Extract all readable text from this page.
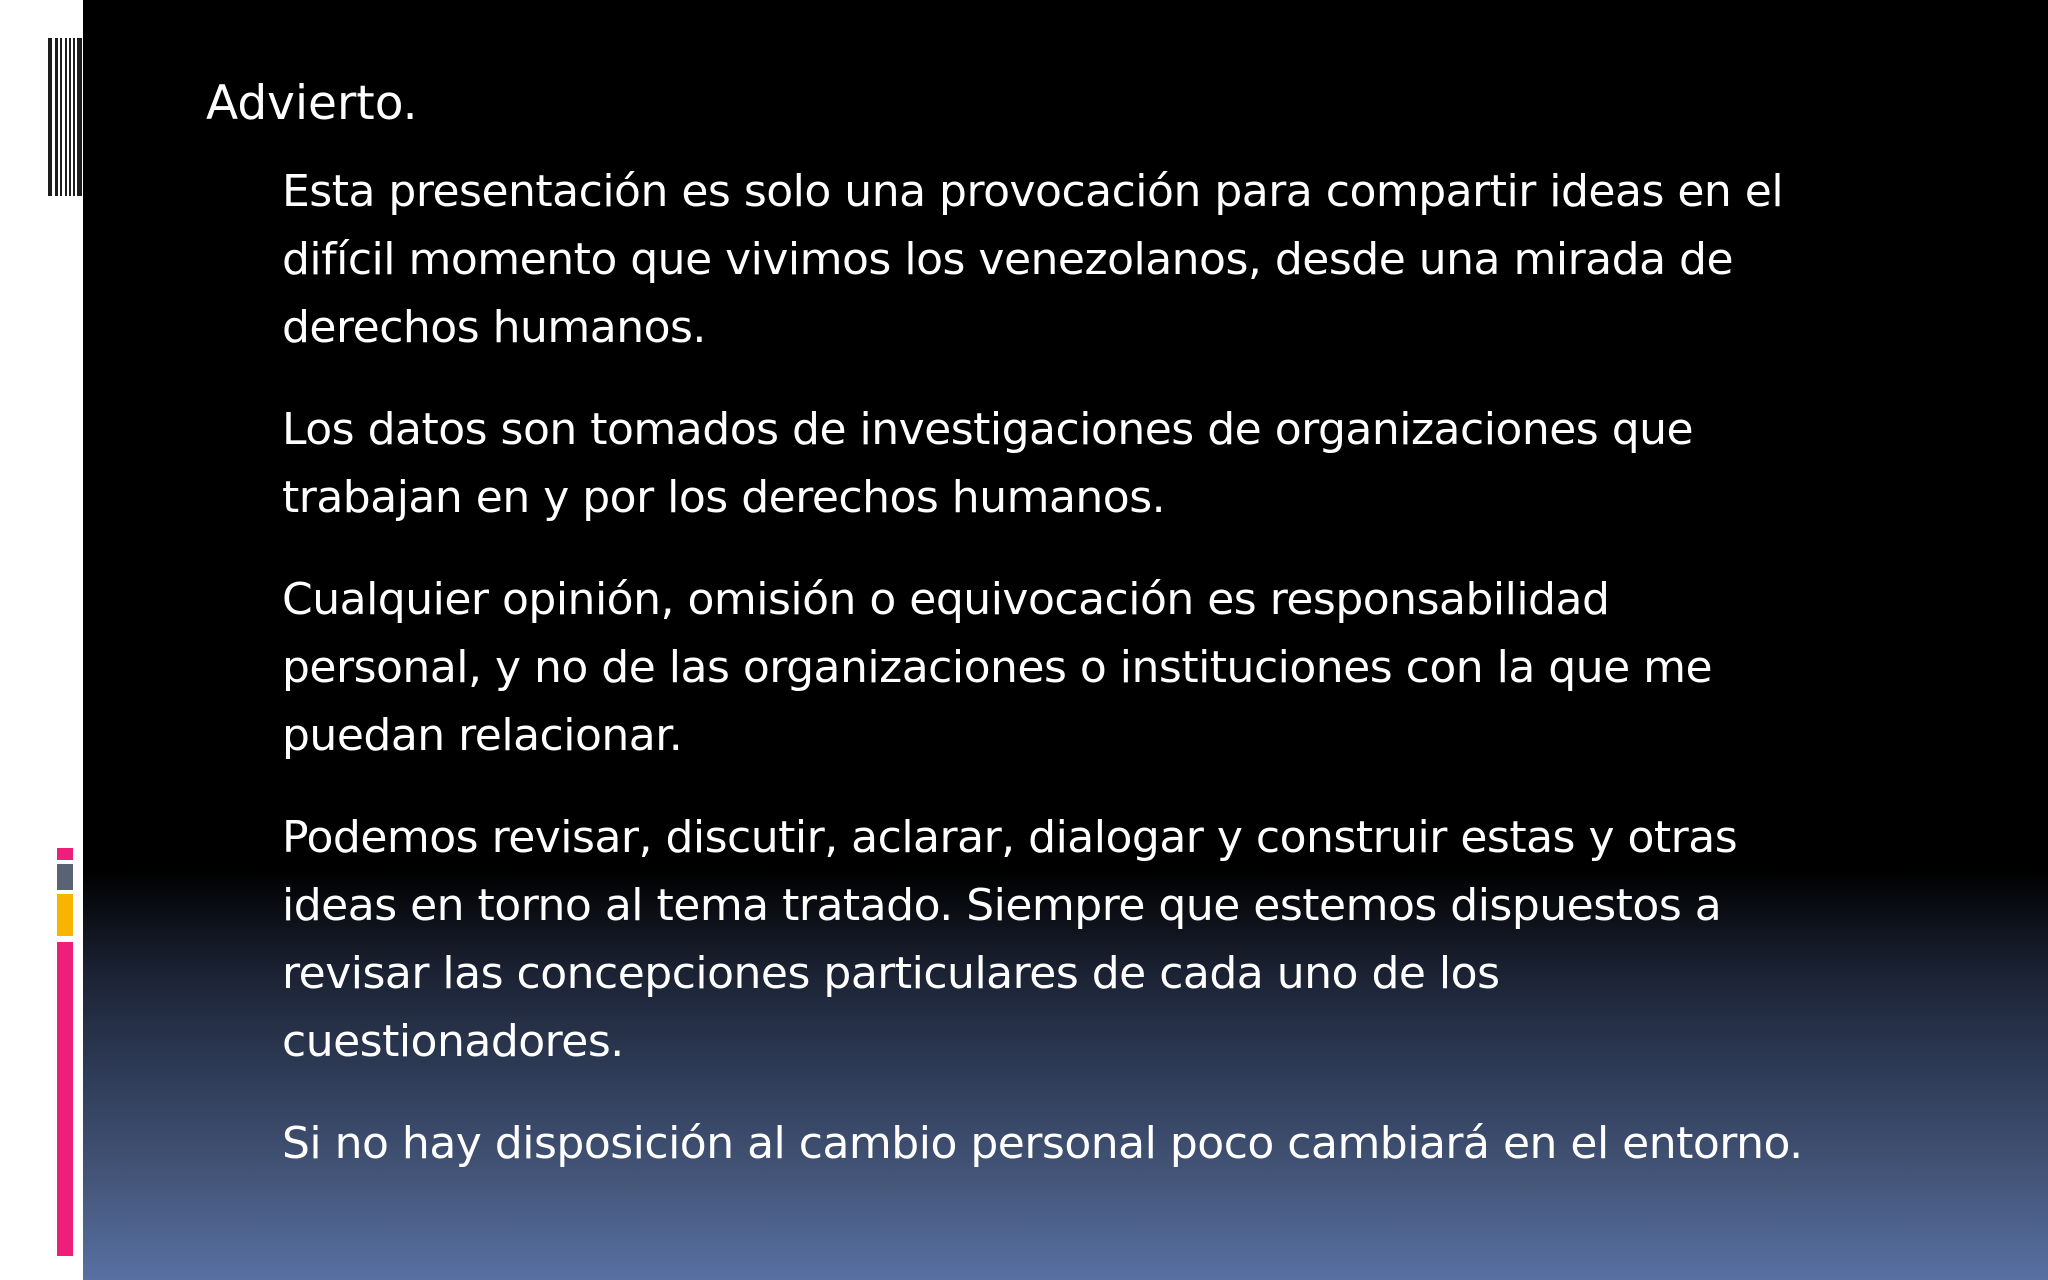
Advierto.
Esta presentación es solo una provocación para compartir ideas en el
difícil momento que vivimos los venezolanos, desde una mirada de
derechos humanos.
Los datos son tomados de investigaciones de organizaciones que
trabajan en y por los derechos humanos.
Cualquier opinión, omisión o equivocación es responsabilidad
personal, y no de las organizaciones o instituciones con la que me
puedan relacionar.
Podemos revisar, discutir, aclarar, dialogar y construir estas y otras
ideas en torno al tema tratado. Siempre que estemos dispuestos a
revisar las concepciones particulares de cada uno de los
cuestionadores.
Si no hay disposición al cambio personal poco cambiará en el entorno.
